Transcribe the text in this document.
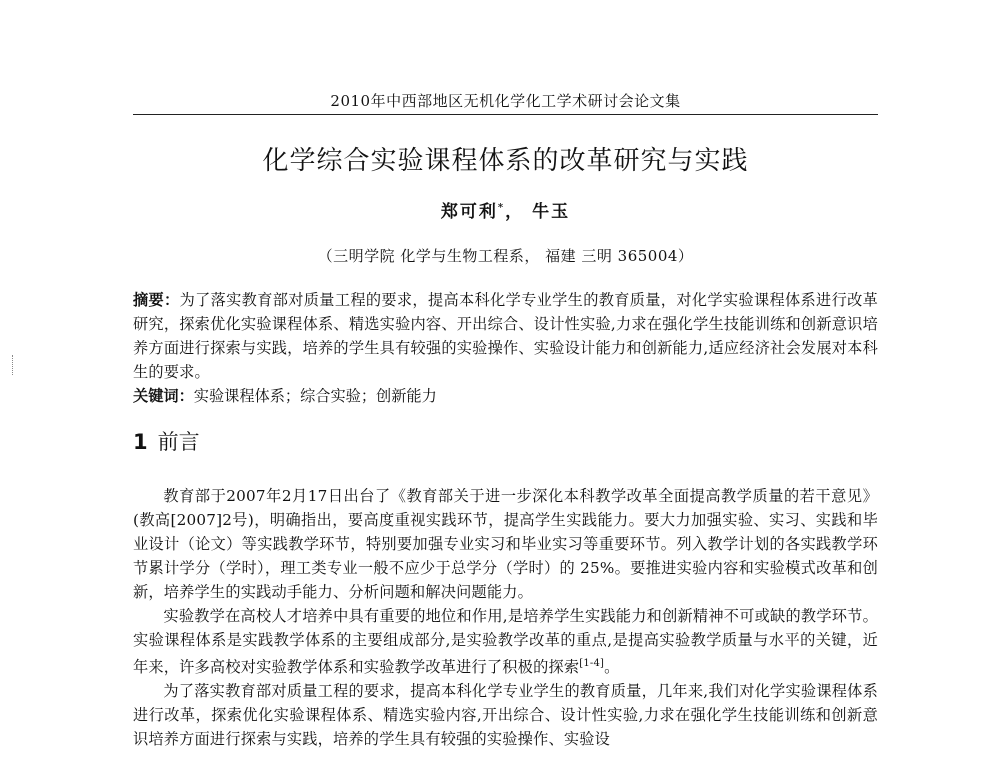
2010年中西部地区无机化学化工学术研讨会论文集
化学综合实验课程体系的改革研究与实践
郑可利*， 牛玉
（三明学院 化学与生物工程系， 福建 三明 365004）
摘要：为了落实教育部对质量工程的要求，提高本科化学专业学生的教育质量，对化学实验课程体系进行改革研究，探索优化实验课程体系、精选实验内容、开出综合、设计性实验,力求在强化学生技能训练和创新意识培养方面进行探索与实践，培养的学生具有较强的实验操作、实验设计能力和创新能力,适应经济社会发展对本科生的要求。
关键词：实验课程体系；综合实验；创新能力
1 前言

教育部于2007年2月17日出台了《教育部关于进一步深化本科教学改革全面提高教学质量的若干意见》(教高[2007]2号)，明确指出，要高度重视实践环节，提高学生实践能力。要大力加强实验、实习、实践和毕业设计（论文）等实践教学环节，特别要加强专业实习和毕业实习等重要环节。列入教学计划的各实践教学环节累计学分（学时），理工类专业一般不应少于总学分（学时）的 25%。要推进实验内容和实验模式改革和创新，培养学生的实践动手能力、分析问题和解决问题能力。

实验教学在高校人才培养中具有重要的地位和作用,是培养学生实践能力和创新精神不可或缺的教学环节。实验课程体系是实践教学体系的主要组成部分,是实验教学改革的重点,是提高实验教学质量与水平的关键，近年来，许多高校对实验教学体系和实验教学改革进行了积极的探索[1-4]。

为了落实教育部对质量工程的要求，提高本科化学专业学生的教育质量，几年来,我们对化学实验课程体系进行改革，探索优化实验课程体系、精选实验内容,开出综合、设计性实验,力求在强化学生技能训练和创新意识培养方面进行探索与实践，培养的学生具有较强的实验操作、实验设
